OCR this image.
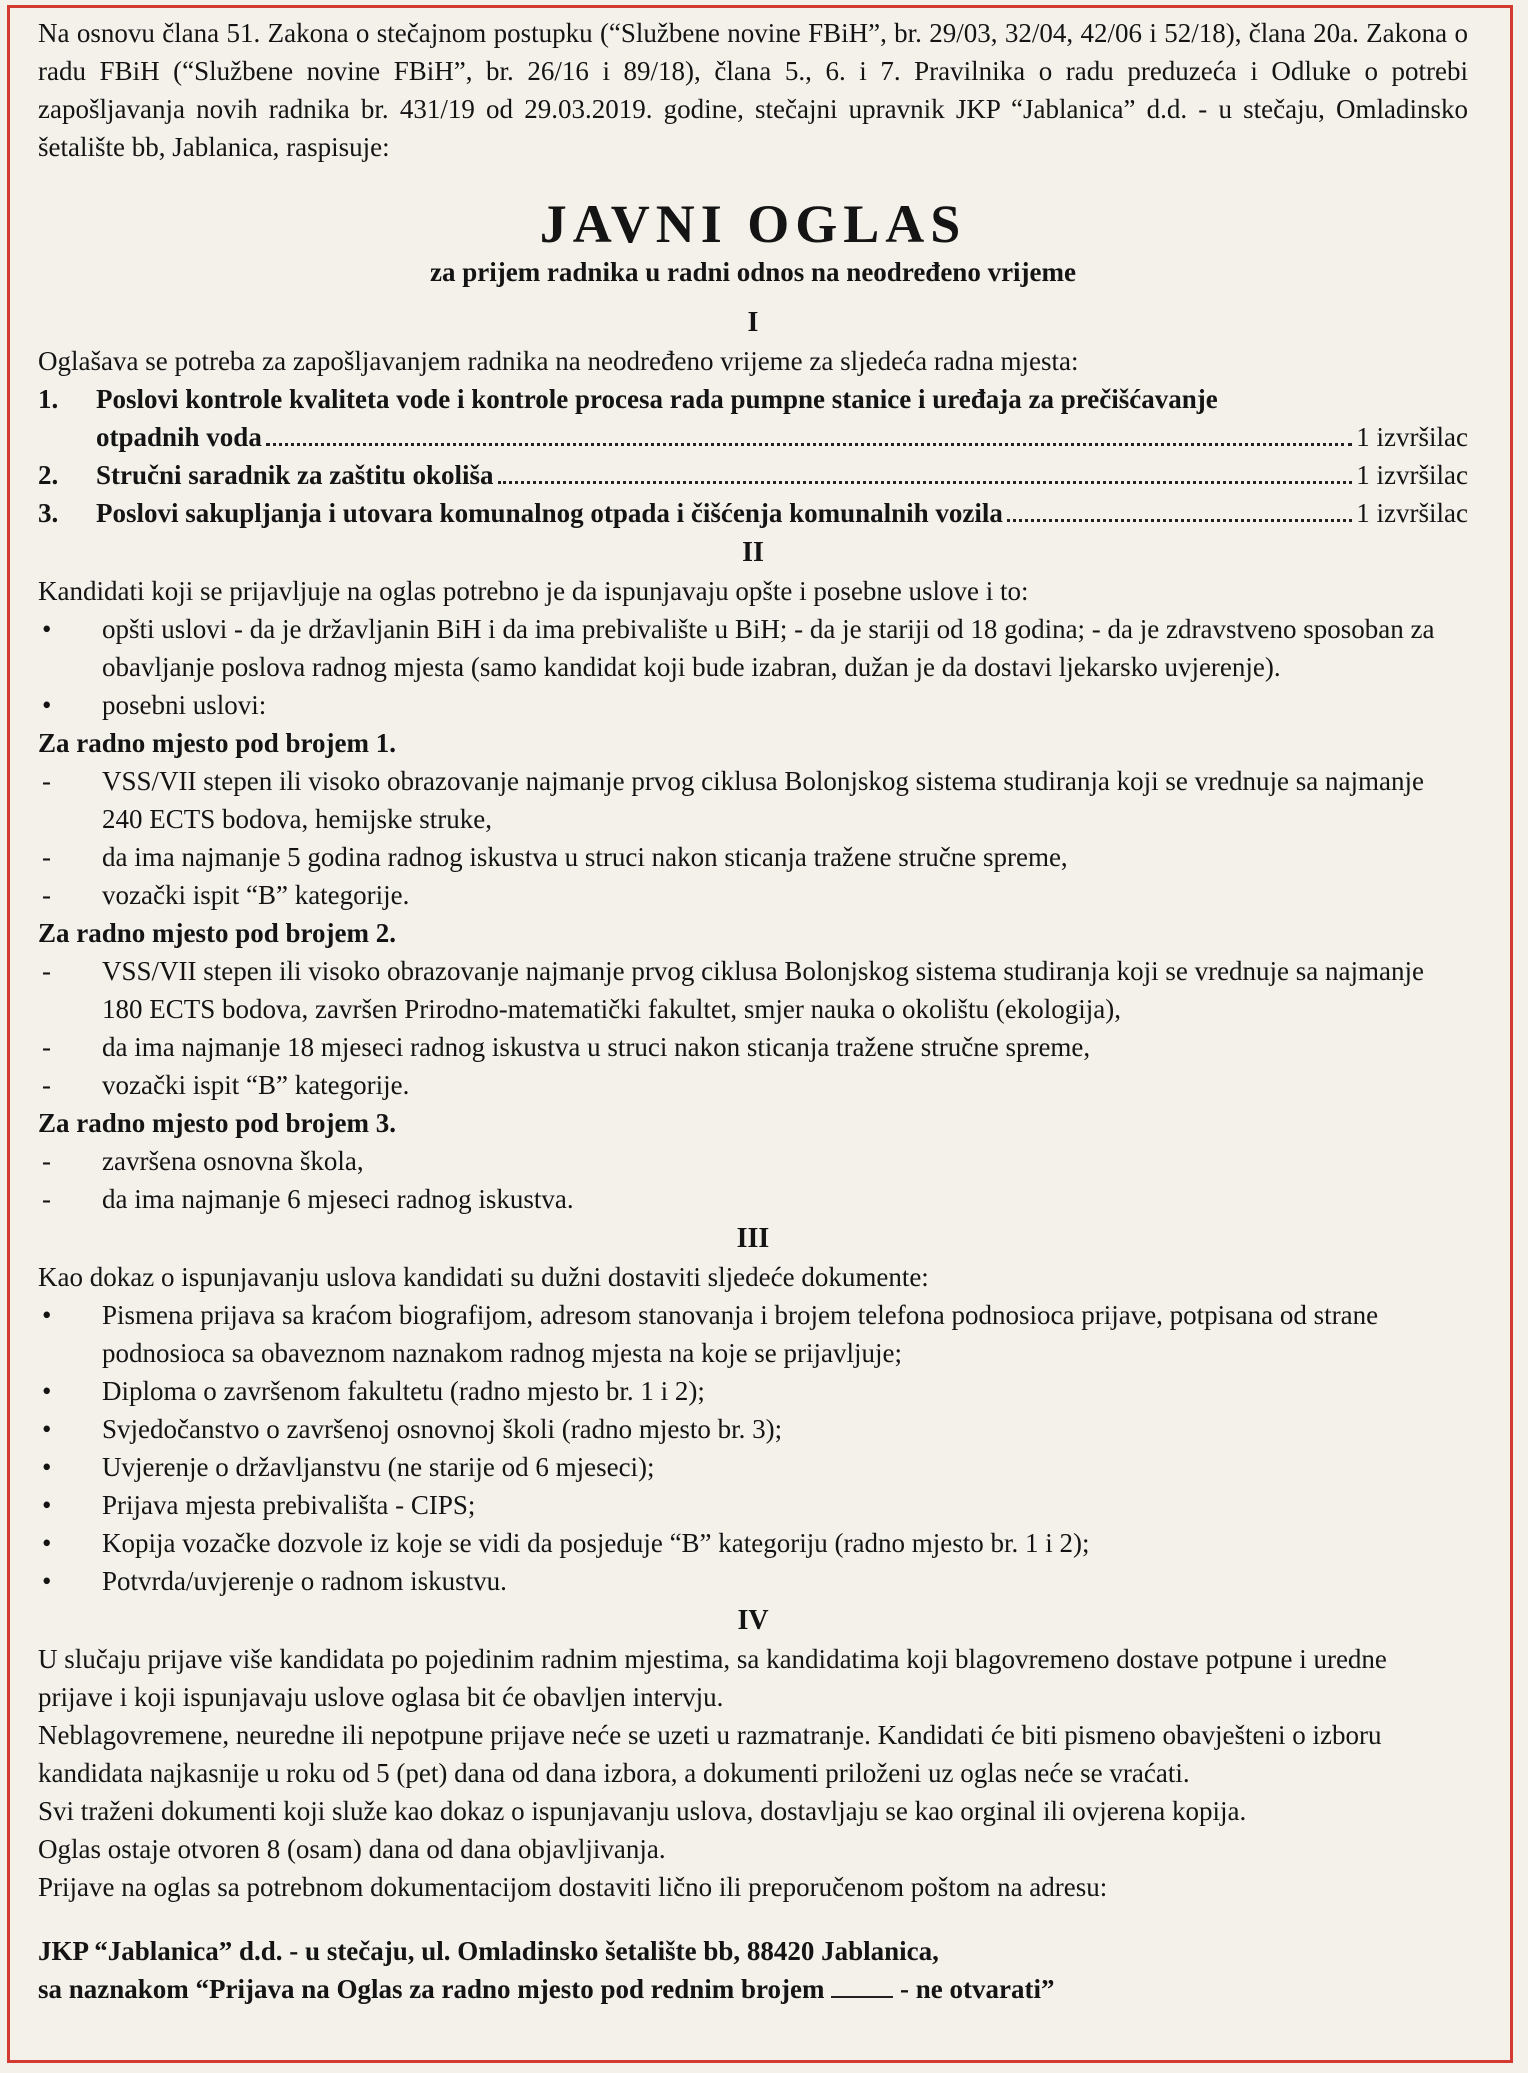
Na osnovu člana 51. Zakona o stečajnom postupku (“Službene novine FBiH”, br. 29/03, 32/04, 42/06 i 52/18), člana 20a. Zakona o radu FBiH (“Službene novine FBiH”, br. 26/16 i 89/18), člana 5., 6. i 7. Pravilnika o radu preduzeća i Odluke o potrebi zapošljavanja novih radnika br. 431/19 od 29.03.2019. godine, stečajni upravnik JKP “Jablanica” d.d. - u stečaju, Omladinsko šetalište bb, Jablanica, raspisuje:

JAVNI OGLAS
za prijem radnika u radni odnos na neodređeno vrijeme
I

Oglašava se potreba za zapošljavanjem radnika na neodređeno vrijeme za sljedeća radna mjesta:

1.	Poslovi kontrole kvaliteta vode i kontrole procesa rada pumpne stanice i uređaja za prečišćavanje
otpadnih voda	1 izvršilac
2.	Stručni saradnik za zaštitu okoliša	1 izvršilac
3.	Poslovi sakupljanja i utovara komunalnog otpada i čišćenja komunalnih vozila	1 izvršilac
II

Kandidati koji se prijavljuje na oglas potrebno je da ispunjavaju opšte i posebne uslove i to:

•	opšti uslovi - da je državljanin BiH i da ima prebivalište u BiH; - da je stariji od 18 godina; - da je zdravstveno sposoban za obavljanje poslova radnog mjesta (samo kandidat koji bude izabran, dužan je da dostavi ljekarsko uvjerenje).
•	posebni uslovi:
Za radno mjesto pod brojem 1.
-	VSS/VII stepen ili visoko obrazovanje najmanje prvog ciklusa Bolonjskog sistema studiranja koji se vrednuje sa najmanje 240 ECTS bodova, hemijske struke,
-	da ima najmanje 5 godina radnog iskustva u struci nakon sticanja tražene stručne spreme,
-	vozački ispit “B” kategorije.
Za radno mjesto pod brojem 2.
-	VSS/VII stepen ili visoko obrazovanje najmanje prvog ciklusa Bolonjskog sistema studiranja koji se vrednuje sa najmanje 180 ECTS bodova, završen Prirodno-matematički fakultet, smjer nauka o okolištu (ekologija),
-	da ima najmanje 18 mjeseci radnog iskustva u struci nakon sticanja tražene stručne spreme,
-	vozački ispit “B” kategorije.
Za radno mjesto pod brojem 3.
-	završena osnovna škola,
-	da ima najmanje 6 mjeseci radnog iskustva.
III

Kao dokaz o ispunjavanju uslova kandidati su dužni dostaviti sljedeće dokumente:

•	Pismena prijava sa kraćom biografijom, adresom stanovanja i brojem telefona podnosioca prijave, potpisana od strane podnosioca sa obaveznom naznakom radnog mjesta na koje se prijavljuje;
•	Diploma o završenom fakultetu (radno mjesto br. 1 i 2);
•	Svjedočanstvo o završenoj osnovnoj školi (radno mjesto br. 3);
•	Uvjerenje o državljanstvu (ne starije od 6 mjeseci);
•	Prijava mjesta prebivališta - CIPS;
•	Kopija vozačke dozvole iz koje se vidi da posjeduje “B” kategoriju (radno mjesto br. 1 i 2);
•	Potvrda/uvjerenje o radnom iskustvu.
IV

U slučaju prijave više kandidata po pojedinim radnim mjestima, sa kandidatima koji blagovremeno dostave potpune i uredne prijave i koji ispunjavaju uslove oglasa bit će obavljen intervju.

Neblagovremene, neuredne ili nepotpune prijave neće se uzeti u razmatranje. Kandidati će biti pismeno obavješteni o izboru kandidata najkasnije u roku od 5 (pet) dana od dana izbora, a dokumenti priloženi uz oglas neće se vraćati.

Svi traženi dokumenti koji služe kao dokaz o ispunjavanju uslova, dostavljaju se kao orginal ili ovjerena kopija.

Oglas ostaje otvoren 8 (osam) dana od dana objavljivanja.

Prijave na oglas sa potrebnom dokumentacijom dostaviti lično ili preporučenom poštom na adresu:

JKP “Jablanica” d.d. - u stečaju, ul. Omladinsko šetalište bb, 88420 Jablanica,
sa naznakom “Prijava na Oglas za radno mjesto pod rednim brojem	- ne otvarati”
